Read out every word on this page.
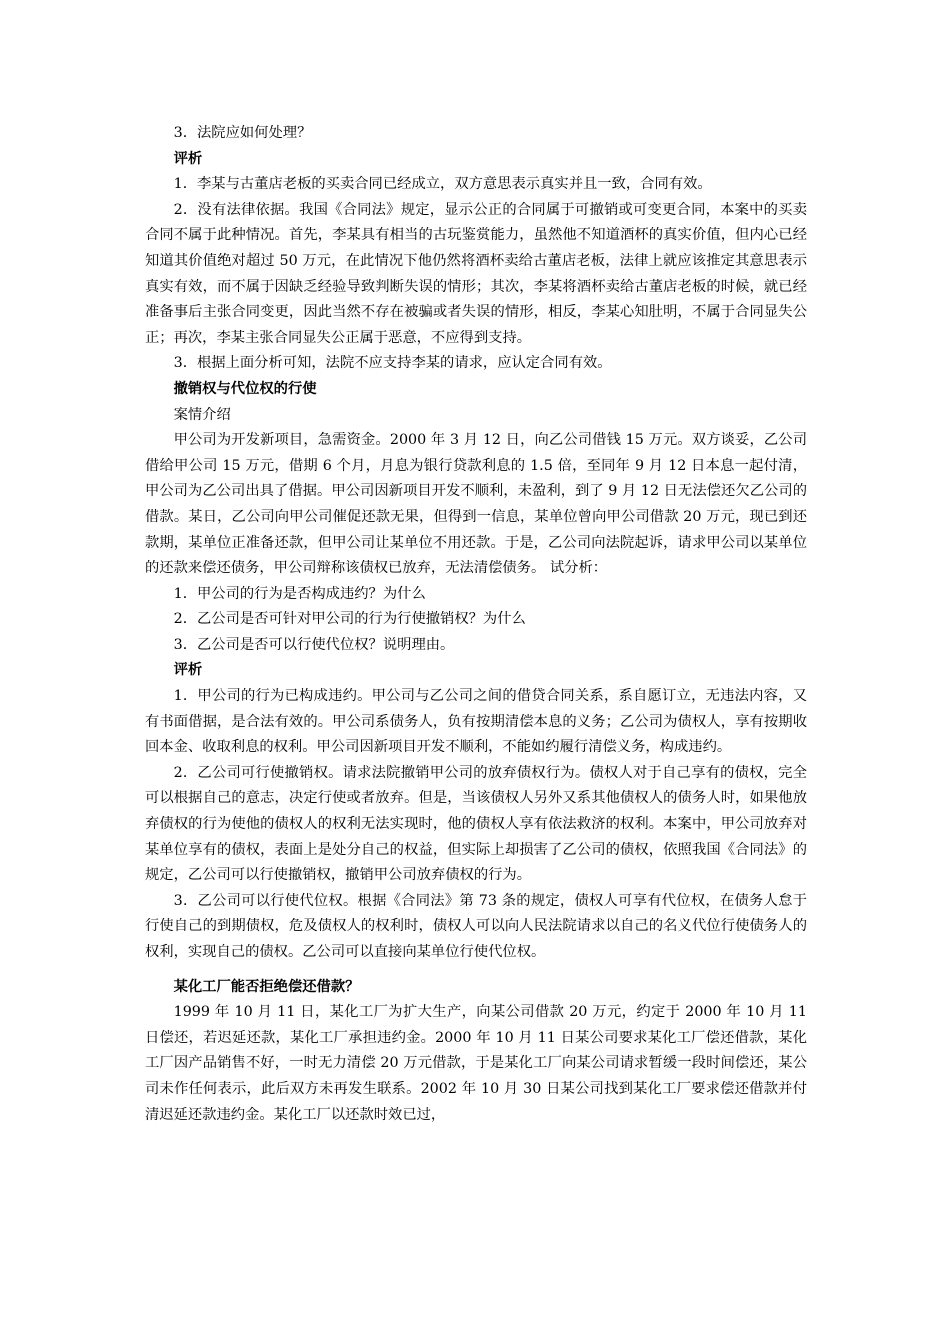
3．法院应如何处理？

评析

1．李某与古董店老板的买卖合同已经成立，双方意思表示真实并且一致，合同有效。

2．没有法律依据。我国《合同法》规定，显示公正的合同属于可撤销或可变更合同，本案中的买卖合同不属于此种情况。首先，李某具有相当的古玩鉴赏能力，虽然他不知道酒杯的真实价值，但内心已经知道其价值绝对超过 50 万元，在此情况下他仍然将酒杯卖给古董店老板，法律上就应该推定其意思表示真实有效，而不属于因缺乏经验导致判断失误的情形；其次，李某将酒杯卖给古董店老板的时候，就已经准备事后主张合同变更，因此当然不存在被骗或者失误的情形，相反，李某心知肚明，不属于合同显失公正；再次，李某主张合同显失公正属于恶意，不应得到支持。

3．根据上面分析可知，法院不应支持李某的请求，应认定合同有效。

撤销权与代位权的行使

案情介绍

甲公司为开发新项目，急需资金。2000 年 3 月 12 日，向乙公司借钱 15 万元。双方谈妥，乙公司借给甲公司 15 万元，借期 6 个月，月息为银行贷款利息的 1.5 倍，至同年 9 月 12 日本息一起付清，甲公司为乙公司出具了借据。甲公司因新项目开发不顺利，未盈利，到了 9 月 12 日无法偿还欠乙公司的借款。某日，乙公司向甲公司催促还款无果，但得到一信息，某单位曾向甲公司借款 20 万元，现已到还款期，某单位正准备还款，但甲公司让某单位不用还款。于是，乙公司向法院起诉，请求甲公司以某单位的还款来偿还债务，甲公司辩称该债权已放弃，无法清偿债务。 试分析：

1．甲公司的行为是否构成违约？为什么

2．乙公司是否可针对甲公司的行为行使撤销权？为什么

3．乙公司是否可以行使代位权？说明理由。

评析

1．甲公司的行为已构成违约。甲公司与乙公司之间的借贷合同关系，系自愿订立，无违法内容，又有书面借据，是合法有效的。甲公司系债务人，负有按期清偿本息的义务；乙公司为债权人，享有按期收回本金、收取利息的权利。甲公司因新项目开发不顺利，不能如约履行清偿义务，构成违约。

2．乙公司可行使撤销权。请求法院撤销甲公司的放弃债权行为。债权人对于自己享有的债权，完全可以根据自己的意志，决定行使或者放弃。但是，当该债权人另外又系其他债权人的债务人时，如果他放弃债权的行为使他的债权人的权利无法实现时，他的债权人享有依法救济的权利。本案中，甲公司放弃对某单位享有的债权，表面上是处分自己的权益，但实际上却损害了乙公司的债权，依照我国《合同法》的规定，乙公司可以行使撤销权，撤销甲公司放弃债权的行为。

3．乙公司可以行使代位权。根据《合同法》第 73 条的规定，债权人可享有代位权，在债务人怠于行使自己的到期债权，危及债权人的权利时，债权人可以向人民法院请求以自己的名义代位行使债务人的权利，实现自己的债权。乙公司可以直接向某单位行使代位权。

某化工厂能否拒绝偿还借款？

1999 年 10 月 11 日，某化工厂为扩大生产，向某公司借款 20 万元，约定于 2000 年 10 月 11 日偿还，若迟延还款，某化工厂承担违约金。2000 年 10 月 11 日某公司要求某化工厂偿还借款，某化工厂因产品销售不好，一时无力清偿 20 万元借款，于是某化工厂向某公司请求暂缓一段时间偿还，某公司未作任何表示，此后双方未再发生联系。2002 年 10 月 30 日某公司找到某化工厂要求偿还借款并付清迟延还款违约金。某化工厂以还款时效已过，
